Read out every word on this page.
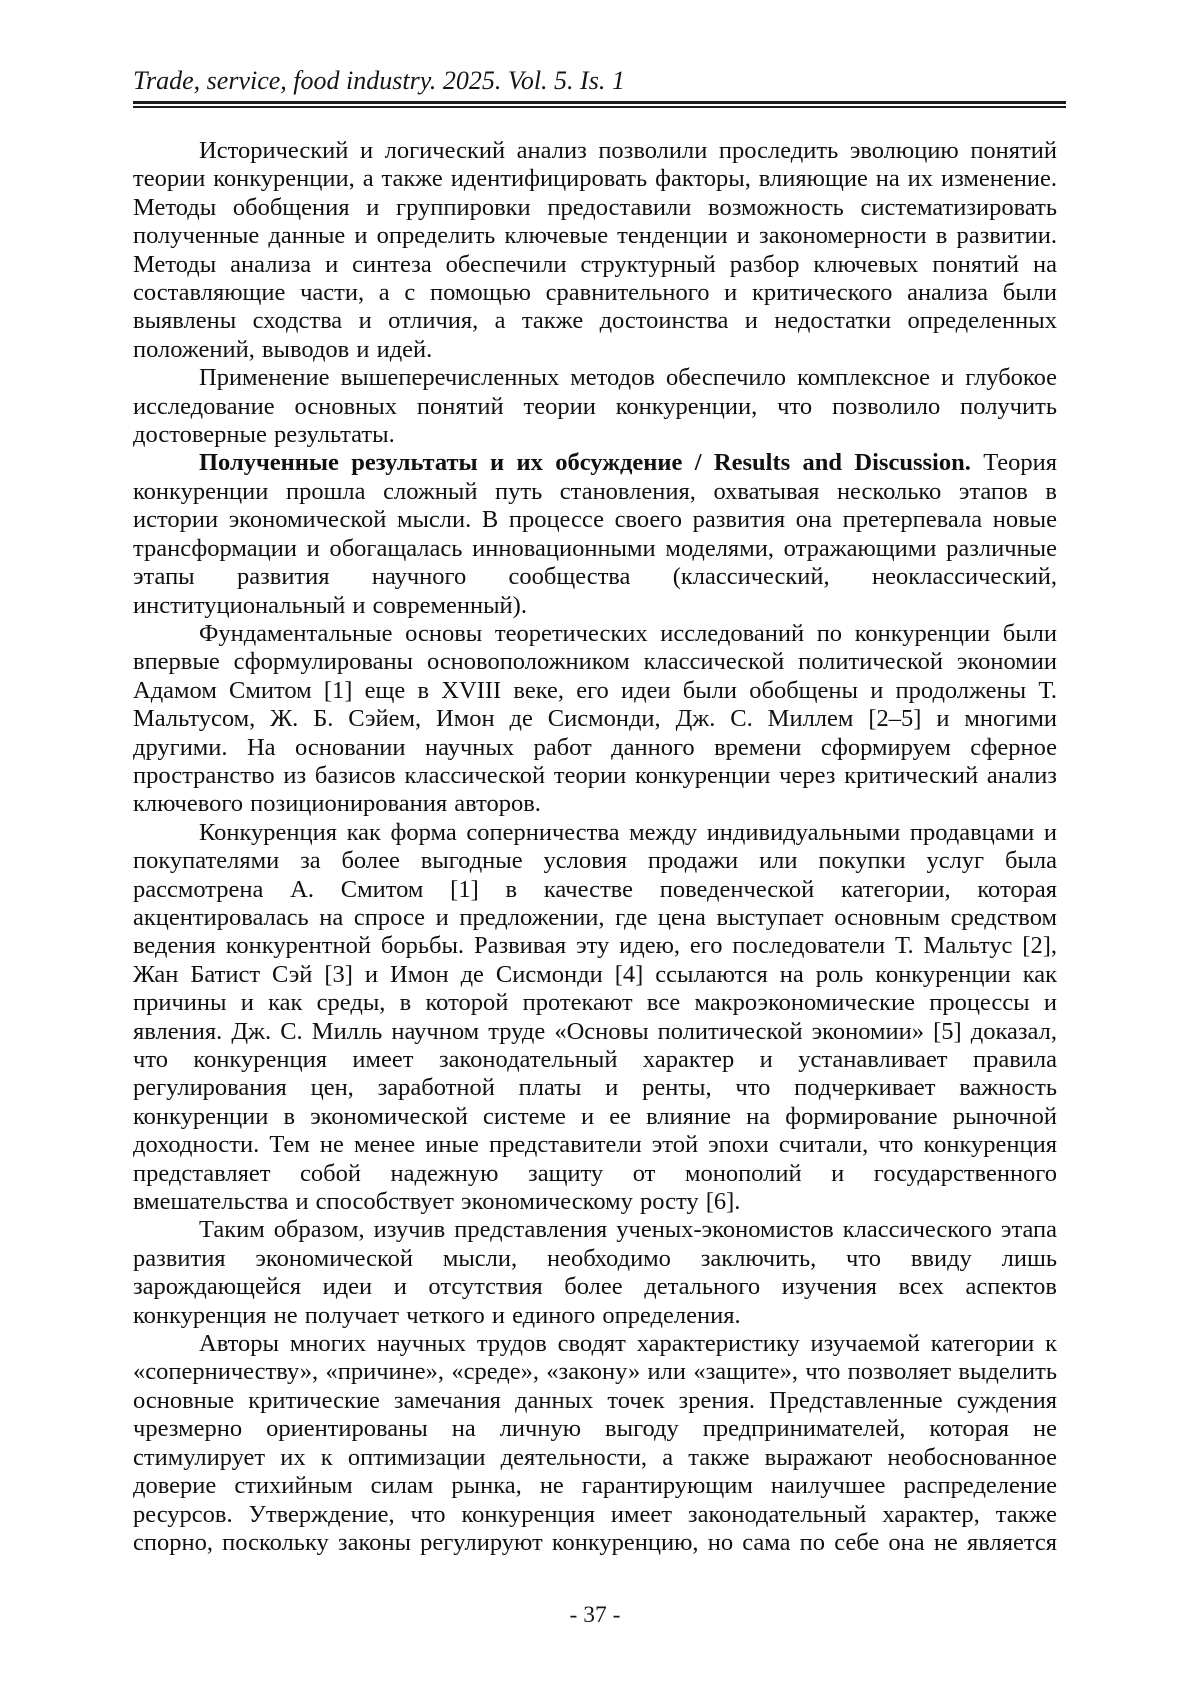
Trade, service, food industry. 2025. Vol. 5. Is. 1

Исторический и логический анализ позволили проследить эволюцию понятий теории конкуренции, а также идентифицировать факторы, влияющие на их изменение. Методы обобщения и группировки предоставили возможность систематизировать полученные данные и определить ключевые тенденции и закономерности в развитии. Методы анализа и синтеза обеспечили структурный разбор ключевых понятий на составляющие части, а с помощью сравнительного и критического анализа были выявлены сходства и отличия, а также достоинства и недостатки определенных положений, выводов и идей.

Применение вышеперечисленных методов обеспечило комплексное и глубокое исследование основных понятий теории конкуренции, что позволило получить достоверные результаты.

Полученные результаты и их обсуждение / Results and Discussion. Теория конкуренции прошла сложный путь становления, охватывая несколько этапов в истории экономической мысли. В процессе своего развития она претерпевала новые трансформации и обогащалась инновационными моделями, отражающими различные этапы развития научного сообщества (классический, неоклассический, институциональный и современный).

Фундаментальные основы теоретических исследований по конкуренции были впервые сформулированы основоположником классической политической экономии Адамом Смитом [1] еще в XVIII веке, его идеи были обобщены и продолжены Т. Мальтусом, Ж. Б. Сэйем, Имон де Сисмонди, Дж. С. Миллем [2–5] и многими другими. На основании научных работ данного времени сформируем сферное пространство из базисов классической теории конкуренции через критический анализ ключевого позиционирования авторов.

Конкуренция как форма соперничества между индивидуальными продавцами и покупателями за более выгодные условия продажи или покупки услуг была рассмотрена А. Смитом [1] в качестве поведенческой категории, которая акцентировалась на спросе и предложении, где цена выступает основным средством ведения конкурентной борьбы. Развивая эту идею, его последователи Т. Мальтус [2], Жан Батист Сэй [3] и Имон де Сисмонди [4] ссылаются на роль конкуренции как причины и как среды, в которой протекают все макроэкономические процессы и явления. Дж. С. Милль научном труде «Основы политической экономии» [5] доказал, что конкуренция имеет законодательный характер и устанавливает правила регулирования цен, заработной платы и ренты, что подчеркивает важность конкуренции в экономической системе и ее влияние на формирование рыночной доходности. Тем не менее иные представители этой эпохи считали, что конкуренция представляет собой надежную защиту от монополий и государственного вмешательства и способствует экономическому росту [6].

Таким образом, изучив представления ученых-экономистов классического этапа развития экономической мысли, необходимо заключить, что ввиду лишь зарождающейся идеи и отсутствия более детального изучения всех аспектов конкуренция не получает четкого и единого определения.

Авторы многих научных трудов сводят характеристику изучаемой категории к «соперничеству», «причине», «среде», «закону» или «защите», что позволяет выделить основные критические замечания данных точек зрения. Представленные суждения чрезмерно ориентированы на личную выгоду предпринимателей, которая не стимулирует их к оптимизации деятельности, а также выражают необоснованное доверие стихийным силам рынка, не гарантирующим наилучшее распределение ресурсов. Утверждение, что конкуренция имеет законодательный характер, также спорно, поскольку законы регулируют конкуренцию, но сама по себе она не является

- 37 -
